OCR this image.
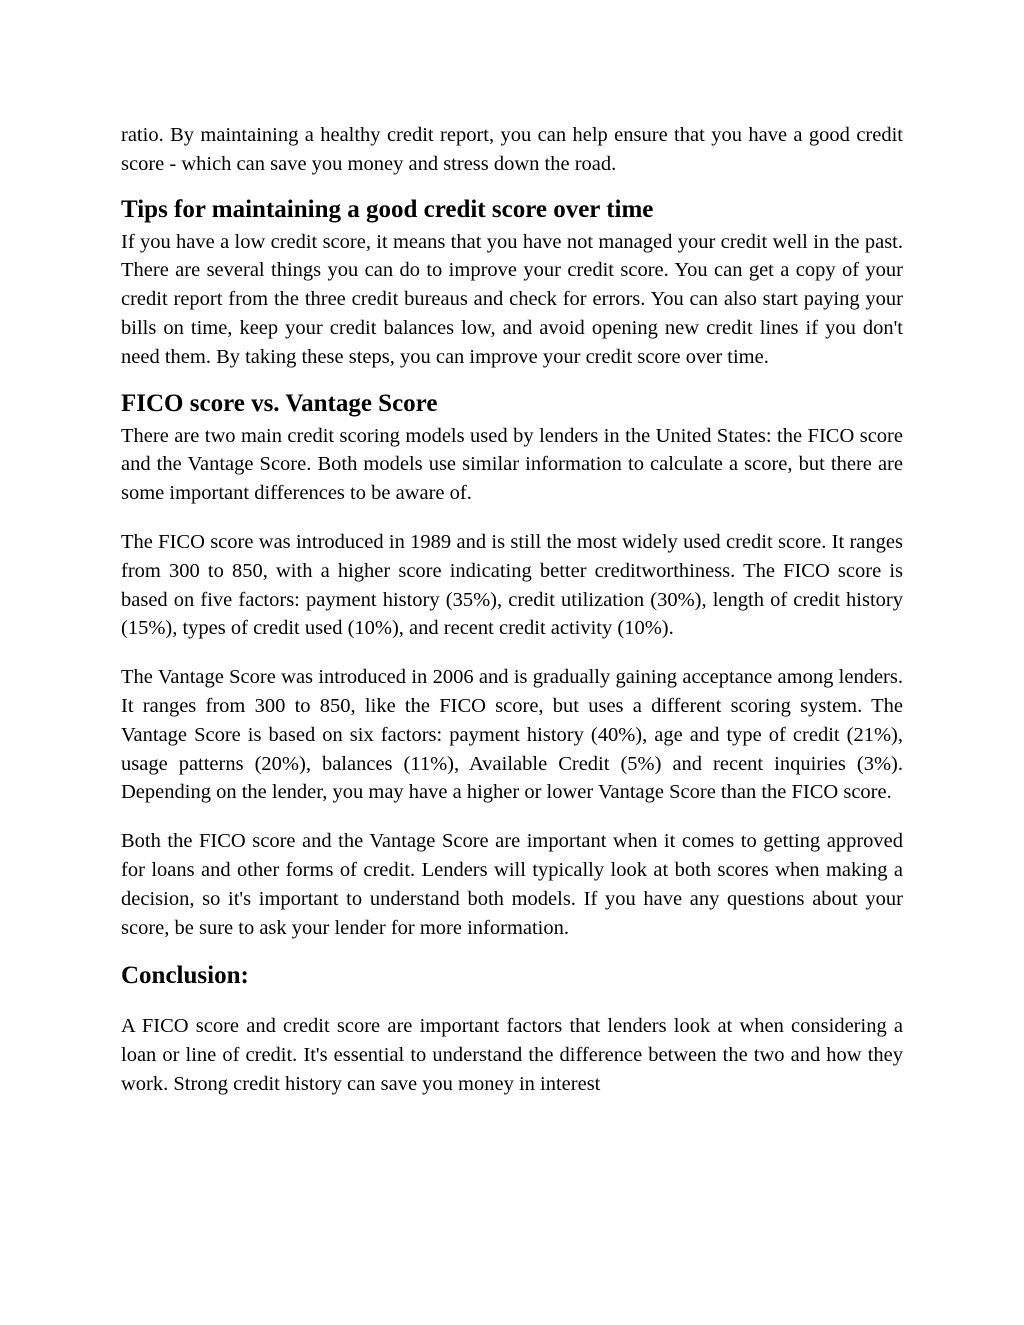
ratio. By maintaining a healthy credit report, you can help ensure that you have a good credit score - which can save you money and stress down the road.

Tips for maintaining a good credit score over time

If you have a low credit score, it means that you have not managed your credit well in the past. There are several things you can do to improve your credit score. You can get a copy of your credit report from the three credit bureaus and check for errors. You can also start paying your bills on time, keep your credit balances low, and avoid opening new credit lines if you don't need them. By taking these steps, you can improve your credit score over time.

FICO score vs. Vantage Score

There are two main credit scoring models used by lenders in the United States: the FICO score and the Vantage Score. Both models use similar information to calculate a score, but there are some important differences to be aware of.

The FICO score was introduced in 1989 and is still the most widely used credit score. It ranges from 300 to 850, with a higher score indicating better creditworthiness. The FICO score is based on five factors: payment history (35%), credit utilization (30%), length of credit history (15%), types of credit used (10%), and recent credit activity (10%).

The Vantage Score was introduced in 2006 and is gradually gaining acceptance among lenders. It ranges from 300 to 850, like the FICO score, but uses a different scoring system. The Vantage Score is based on six factors: payment history (40%), age and type of credit (21%), usage patterns (20%), balances (11%), Available Credit (5%) and recent inquiries (3%). Depending on the lender, you may have a higher or lower Vantage Score than the FICO score.

Both the FICO score and the Vantage Score are important when it comes to getting approved for loans and other forms of credit. Lenders will typically look at both scores when making a decision, so it's important to understand both models. If you have any questions about your score, be sure to ask your lender for more information.

Conclusion:

A FICO score and credit score are important factors that lenders look at when considering a loan or line of credit. It's essential to understand the difference between the two and how they work. Strong credit history can save you money in interest
